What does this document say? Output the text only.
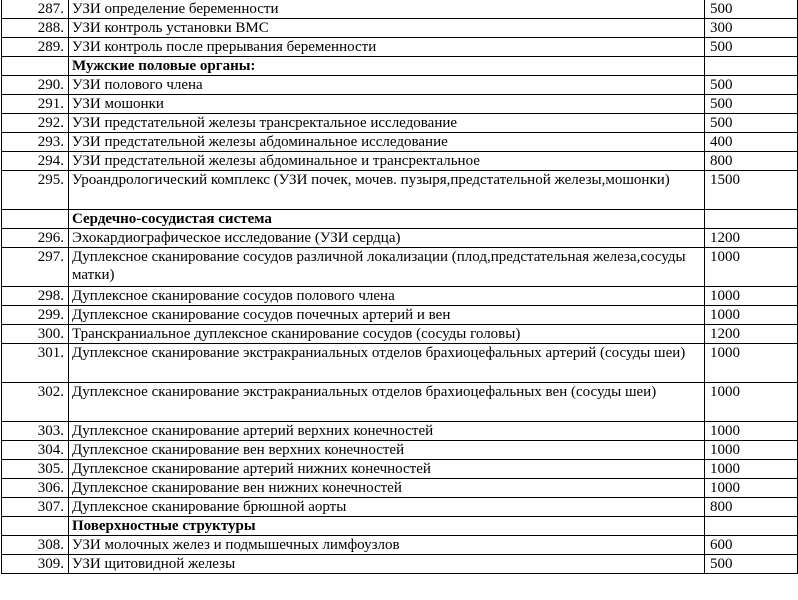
287.	УЗИ определение беременности	500
288.	УЗИ контроль установки ВМС	300
289.	УЗИ контроль после прерывания беременности	500
	Мужские половые органы:	
290.	УЗИ полового члена	500
291.	УЗИ мошонки	500
292.	УЗИ предстательной железы трансректальное исследование	500
293.	УЗИ предстательной железы абдоминальное исследование	400
294.	УЗИ предстательной железы абдоминальное и трансректальное	800
295.	Уроандрологический комплекс (УЗИ почек, мочев. пузыря,предстательной железы,мошонки)	1500
	Сердечно-сосудистая система	
296.	Эхокардиографическое исследование (УЗИ сердца)	1200
297.	Дуплексное сканирование сосудов различной локализации (плод,предстательная железа,сосуды матки)	1000
298.	Дуплексное сканирование сосудов полового члена	1000
299.	Дуплексное сканирование сосудов почечных артерий и вен	1000
300.	Транскраниальное дуплексное сканирование сосудов (сосуды головы)	1200
301.	Дуплексное сканирование экстракраниальных отделов брахиоцефальных артерий (сосуды шеи)	1000
302.	Дуплексное сканирование экстракраниальных отделов брахиоцефальных вен (сосуды шеи)	1000
303.	Дуплексное сканирование артерий верхних конечностей	1000
304.	Дуплексное сканирование вен верхних конечностей	1000
305.	Дуплексное сканирование артерий нижних конечностей	1000
306.	Дуплексное сканирование вен нижних конечностей	1000
307.	Дуплексное сканирование брюшной аорты	800
	Поверхностные структуры	
308.	УЗИ молочных желез и подмышечных лимфоузлов	600
309.	УЗИ щитовидной железы	500
